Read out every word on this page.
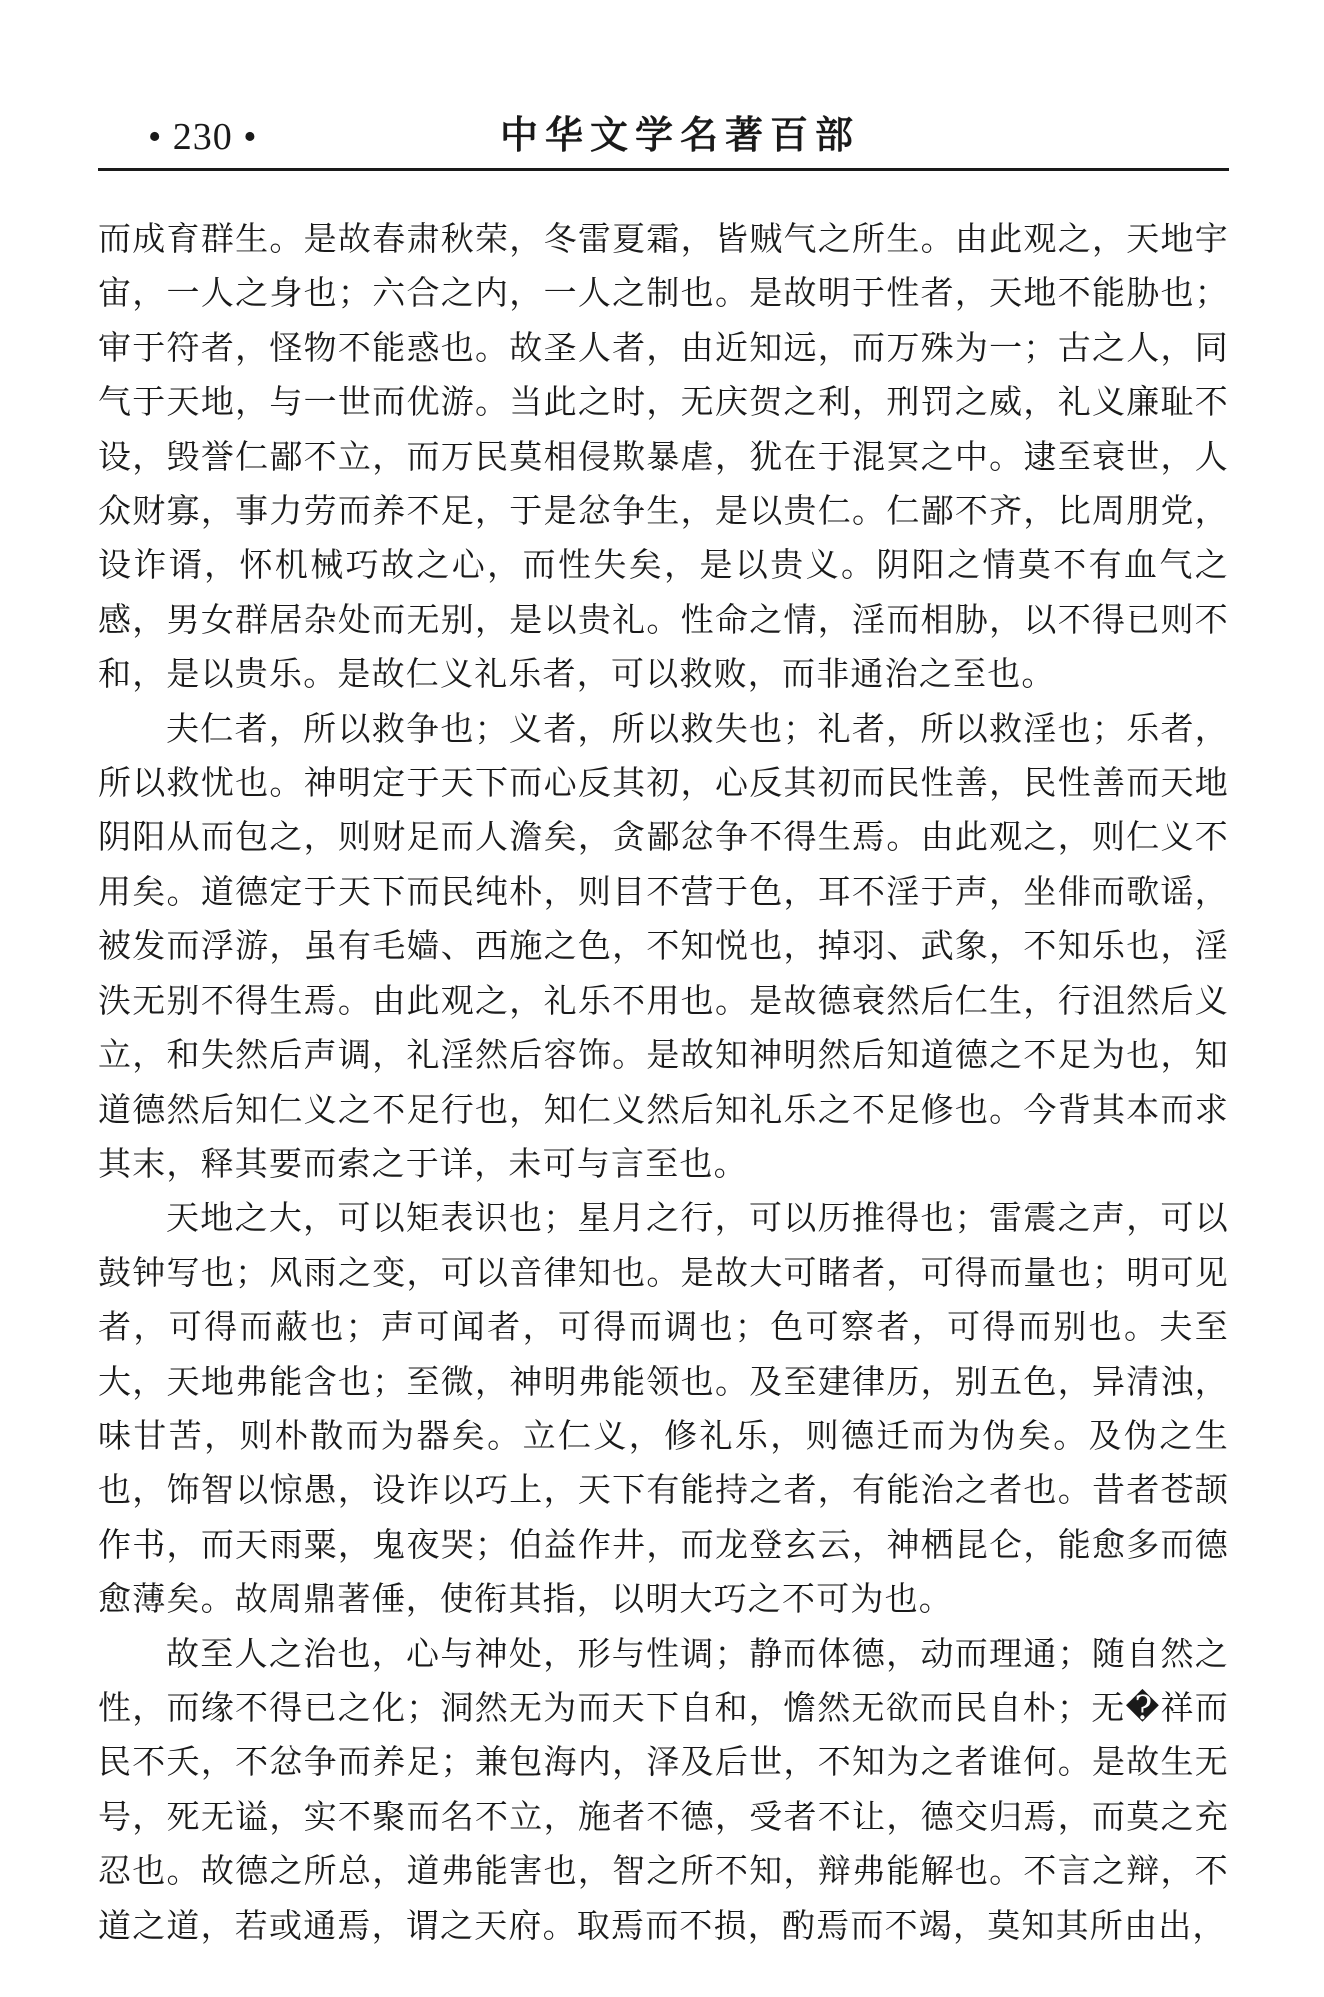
• 230 •	中华文学名著百部

而成育群生。是故春肃秋荣，冬雷夏霜，皆贼气之所生。由此观之，天地宇宙，一人之身也；六合之内，一人之制也。是故明于性者，天地不能胁也；审于符者，怪物不能惑也。故圣人者，由近知远，而万殊为一；古之人，同气于天地，与一世而优游。当此之时，无庆贺之利，刑罚之威，礼义廉耻不设，毁誉仁鄙不立，而万民莫相侵欺暴虐，犹在于混冥之中。逮至衰世，人众财寡，事力劳而养不足，于是忿争生，是以贵仁。仁鄙不齐，比周朋党，设诈谞，怀机械巧故之心，而性失矣，是以贵义。阴阳之情莫不有血气之感，男女群居杂处而无别，是以贵礼。性命之情，淫而相胁，以不得已则不和，是以贵乐。是故仁义礼乐者，可以救败，而非通治之至也。

夫仁者，所以救争也；义者，所以救失也；礼者，所以救淫也；乐者，所以救忧也。神明定于天下而心反其初，心反其初而民性善，民性善而天地阴阳从而包之，则财足而人澹矣，贪鄙忿争不得生焉。由此观之，则仁义不用矣。道德定于天下而民纯朴，则目不营于色，耳不淫于声，坐俳而歌谣，被发而浮游，虽有毛嫱、西施之色，不知悦也，掉羽、武象，不知乐也，淫泆无别不得生焉。由此观之，礼乐不用也。是故德衰然后仁生，行沮然后义立，和失然后声调，礼淫然后容饰。是故知神明然后知道德之不足为也，知道德然后知仁义之不足行也，知仁义然后知礼乐之不足修也。今背其本而求其末，释其要而索之于详，未可与言至也。

天地之大，可以矩表识也；星月之行，可以历推得也；雷震之声，可以鼓钟写也；风雨之变，可以音律知也。是故大可睹者，可得而量也；明可见者，可得而蔽也；声可闻者，可得而调也；色可察者，可得而别也。夫至大，天地弗能含也；至微，神明弗能领也。及至建律历，别五色，异清浊，味甘苦，则朴散而为器矣。立仁义，修礼乐，则德迁而为伪矣。及伪之生也，饰智以惊愚，设诈以巧上，天下有能持之者，有能治之者也。昔者苍颉作书，而天雨粟，鬼夜哭；伯益作井，而龙登玄云，神栖昆仑，能愈多而德愈薄矣。故周鼎著倕，使衔其指，以明大巧之不可为也。

故至人之治也，心与神处，形与性调；静而体德，动而理通；随自然之性，而缘不得已之化；洞然无为而天下自和，憺然无欲而民自朴；无�祥而民不夭，不忿争而养足；兼包海内，泽及后世，不知为之者谁何。是故生无号，死无谥，实不聚而名不立，施者不德，受者不让，德交归焉，而莫之充忍也。故德之所总，道弗能害也，智之所不知，辩弗能解也。不言之辩，不道之道，若或通焉，谓之天府。取焉而不损，酌焉而不竭，莫知其所由出，
